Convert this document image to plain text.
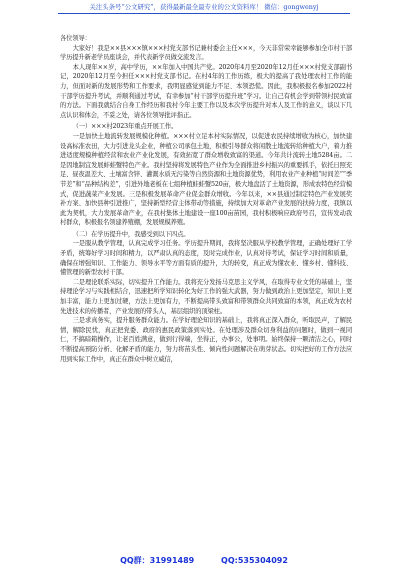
关注头条号“公文研究”，获得最新最全最专业的公文资料库！ 微信：gongwenyj

各位领导：

大家好！我是××县×××镇×××村党支部书记兼村委会主任×××，今天非常荣幸能够参加全市村干部学历提升新老学员座谈会，并代表新学员做交流发言。

本人现年××岁，高中学历，××年加入中国共产党。2020年4月至2020年12月任×××村党支部副书记，2020年12月至今担任×××村党支部书记。在村4年的工作历练，极大的提高了我处理农村工作的能力，但面对新的发展形势和工作要求，我明显感觉到能力不足、本领恐慌。因此，我积极报名参加2022村干部学历提升考试，并顺利通过考试，有幸参加“村干部学历提升班”学习。让自己有机会学到带领村民致富的方法。下面我就结合自身工作经历和我村今年主要工作以及本次学历提升对本人及工作的意义，谈以下几点认识和体会，不妥之处，请各位领导批评指正。

（一）×××村2023年重点开展工作。

一是加快土地流转发展规模化种植。×××村立足本村实际情况，以促进农民持续增收为核心，加快建设高标准农田，大力引进龙头企业，种植公司承包土地，积极引导群众将闲散土地流转给种植大户，着力推进适度规模种植经营和农业产业化发展，有效拓宽了群众增收致富的渠道。今年共计流转土地5284亩。二是因地制宜发展蚌蛙蟹特色产业。我村坚持将发展特色产业作为全面推进乡村振兴的重要抓手，依托日照充足、昼夜温差大、土壤富含锌、灌溉水质无污染等自然资源和土地资源优势，利用农业产业种植“时间差”“季节差”和“品种结构差”，引进外地老板在七组种植蛙蛙蟹520亩，极大地盘活了土地资源，形成农特色经营模式，促进蔬菜产业发展。三是积极发展革命产业促金群众增收。今年以来，××县通过制定特色产业发展奖补方案、加快县种引进推广，坚持新型经营主体带动等措施，持续加大对革命产业发展的扶持力度，我镇以此为契机，大力发展革命产业，在我村集体土地建设一座100亩苗园，我村积极响应政府号召，宣传发动我村群众，积极报名领建养殖棚，发展规模养殖。

（二）在学历提升中，我感受到以下四点。

一是服从教学管理，认真完成学习任务。学历提升期间，我将坚决服从学校教学管理，正确处理好工学矛盾，统筹好学习时间和精力，以严肃认真的态度，及时完成作业，认真对待考试，保证学习时间和质量，确保在增强知识、工作能力、领导水平等方面有质的提升，大的转变，真正成为懂农业、懂乡村、懂科技、懂管理的新型农村干部。

二是理论联系实际，切实提升工作能力。我将充分发扬马克思主义学风，在取得专业文凭的基础上，坚持理论学习与实践相结合，迅速把所学知识转化为好工作的强大武器，努力做到政治上更加坚定，知识上更加丰富，能力上更加过硬，方法上更加有力，不断提高带头致富和带领群众共同致富的本领，真正成为农村先进技术的传播者，产业发展的带头人，基层组织的顶梁柱。

三是求真务实，提升服务群众能力。在学好理论知识的基础上，我将真正深入群众，听取民声，了解民情，解除民忧，真正把党委、政府的惠民政策落到实处。在处理涉及群众切身利益的问题时，做到一视同仁，不搞暗箱操作，让老百姓满意，做到行得端，坐得正，办事公，处事明。始终保持一颗清洁之心，同时不断提高预防分析、化解矛盾的能力，努力将苗头性、倾向性问题解决在萌芽状态。切实把好的工作方法应用到实际工作中，真正在群众中树立威信，

QQ群：31991489	QQ:535304092
